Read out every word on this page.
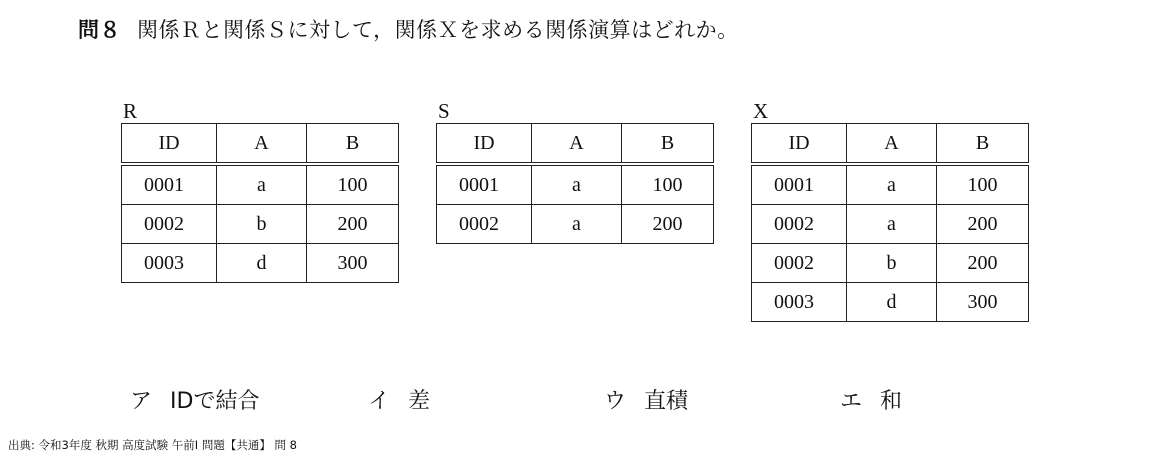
問８ 関係Ｒと関係Ｓに対して，関係Ｘを求める関係演算はどれか。
R
ID	A	B
0001	a	100
0002	b	200
0003	d	300
S
ID	A	B
0001	a	100
0002	a	200
X
ID	A	B
0001	a	100
0002	a	200
0002	b	200
0003	d	300
ア IDで結合	イ 差	ウ 直積	エ 和
出典: 令和3年度 秋期 高度試験 午前I 問題【共通】 問 8
